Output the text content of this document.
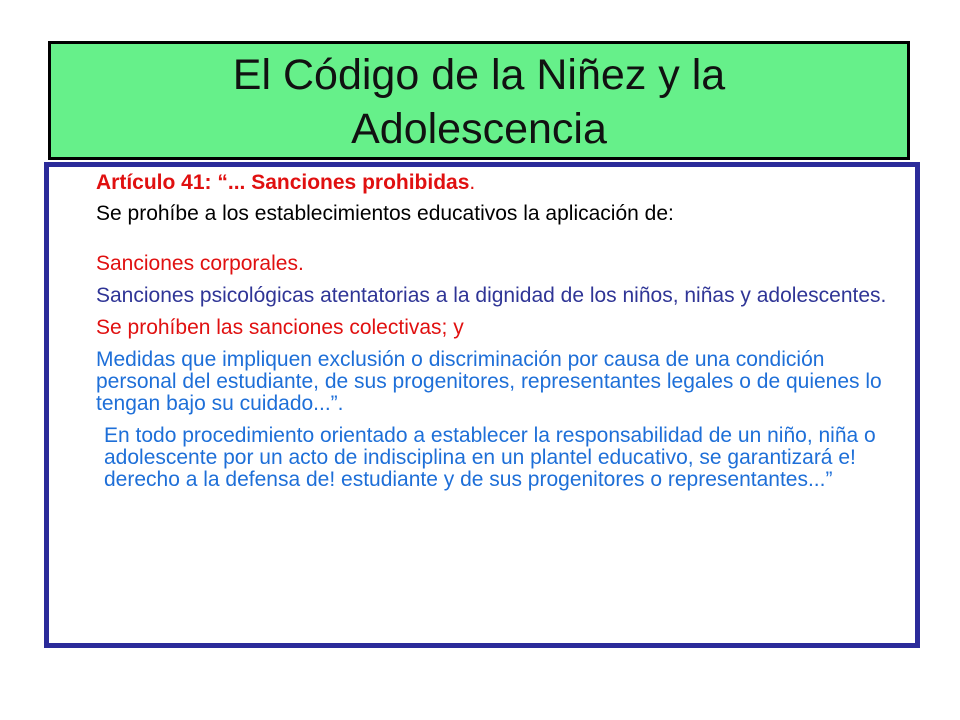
El Código de la Niñez y la Adolescencia

Artículo 41: “... Sanciones prohibidas.

Se prohíbe a los establecimientos educativos la aplicación de:

Sanciones corporales.

Sanciones psicológicas atentatorias a la dignidad de los niños, niñas y adolescentes.

Se prohíben las sanciones colectivas; y

Medidas que impliquen exclusión o discriminación por causa de una condición personal del estudiante, de sus progenitores, representantes legales o de quienes lo tengan bajo su cuidado...”.

En todo procedimiento orientado a establecer la responsabilidad de un niño, niña o adolescente por un acto de indisciplina en un plantel educativo, se garantizará e! derecho a la defensa de! estudiante y de sus progenitores o representantes...”
